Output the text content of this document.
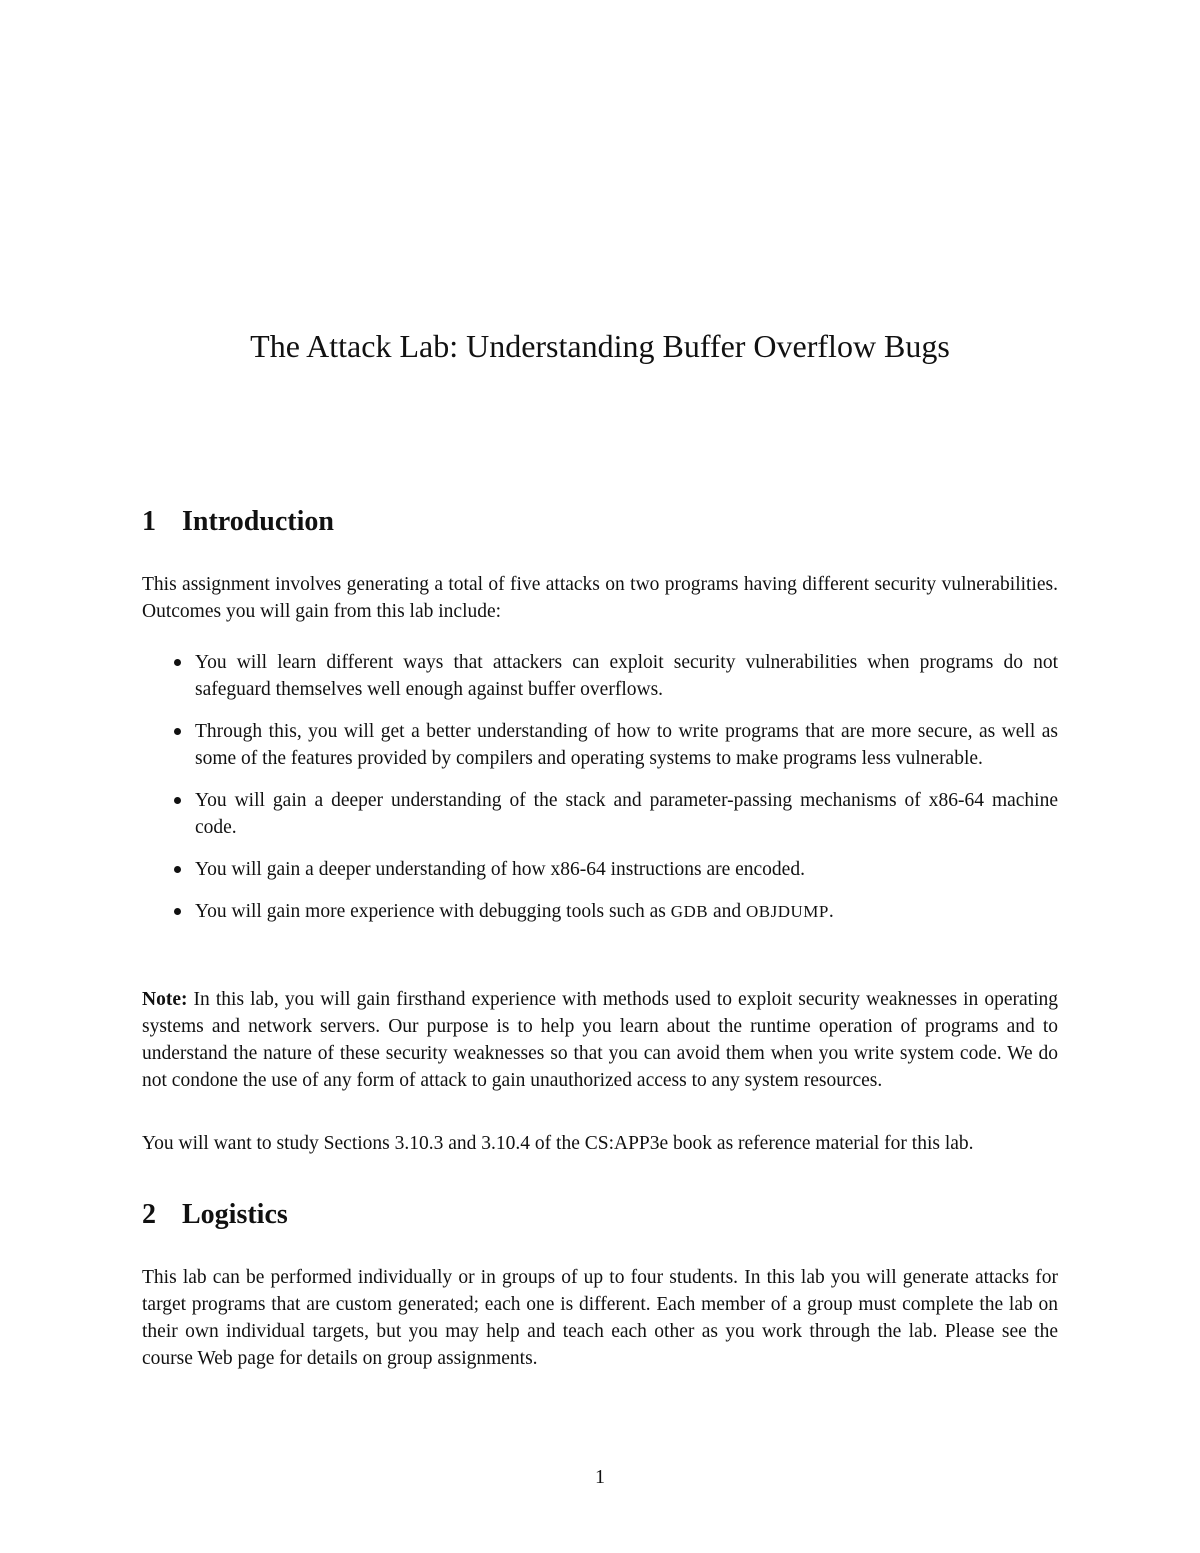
The Attack Lab: Understanding Buffer Overflow Bugs
1 Introduction

This assignment involves generating a total of five attacks on two programs having different security vulnerabilities. Outcomes you will gain from this lab include:

You will learn different ways that attackers can exploit security vulnerabilities when programs do not safeguard themselves well enough against buffer overflows.
Through this, you will get a better understanding of how to write programs that are more secure, as well as some of the features provided by compilers and operating systems to make programs less vulnerable.
You will gain a deeper understanding of the stack and parameter-passing mechanisms of x86-64 machine code.
You will gain a deeper understanding of how x86-64 instructions are encoded.
You will gain more experience with debugging tools such as GDB and OBJDUMP.

Note: In this lab, you will gain firsthand experience with methods used to exploit security weaknesses in operating systems and network servers. Our purpose is to help you learn about the runtime operation of programs and to understand the nature of these security weaknesses so that you can avoid them when you write system code. We do not condone the use of any form of attack to gain unauthorized access to any system resources.

You will want to study Sections 3.10.3 and 3.10.4 of the CS:APP3e book as reference material for this lab.

2 Logistics

This lab can be performed individually or in groups of up to four students. In this lab you will generate attacks for target programs that are custom generated; each one is different. Each member of a group must complete the lab on their own individual targets, but you may help and teach each other as you work through the lab. Please see the course Web page for details on group assignments.

1
